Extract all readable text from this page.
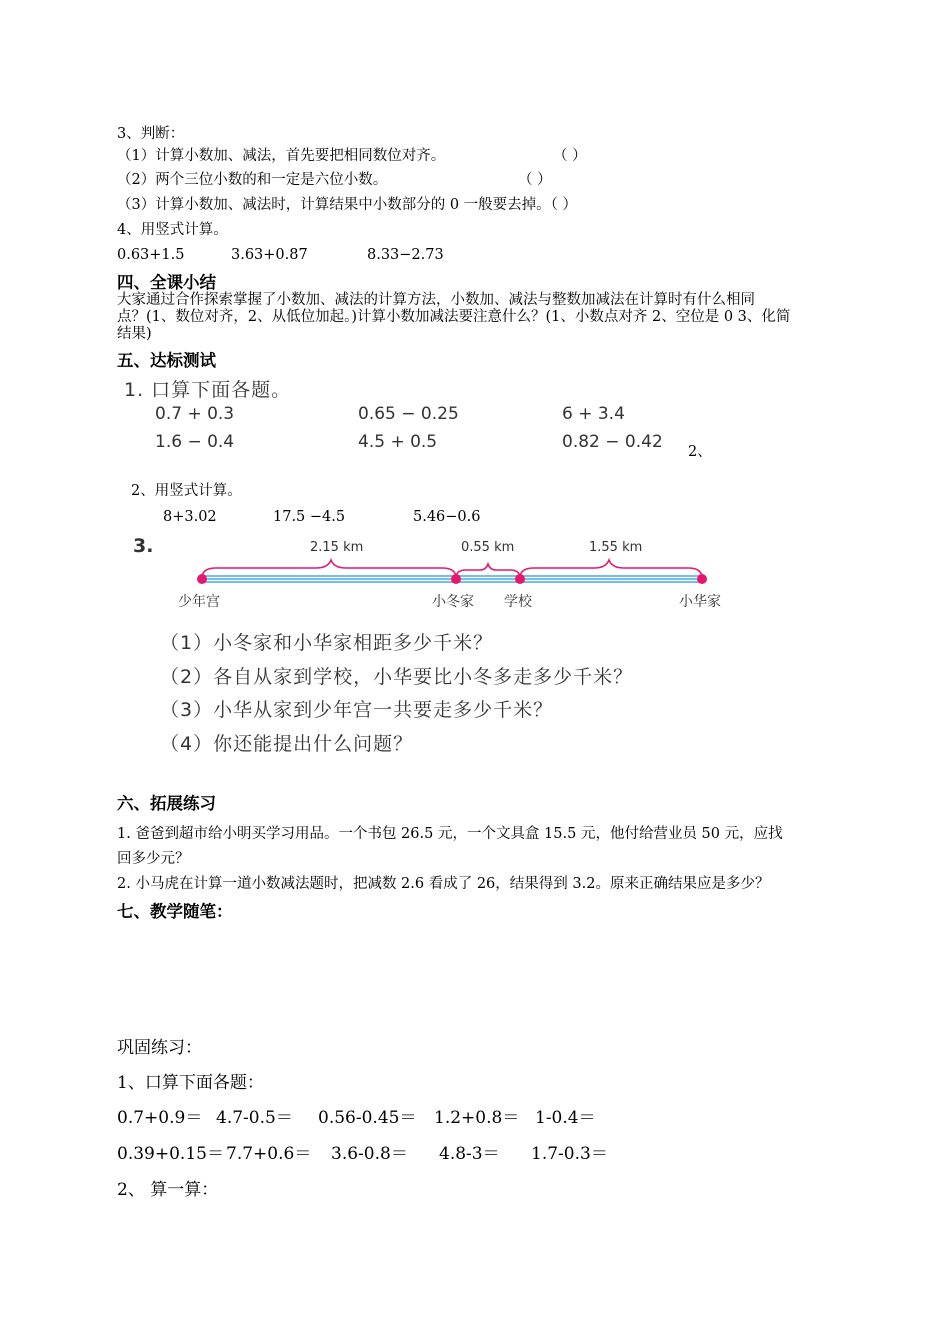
3、判断：
（1）计算小数加、减法，首先要把相同数位对齐。	（ ）
（2）两个三位小数的和一定是六位小数。	（ ）
（3）计算小数加、减法时，计算结果中小数部分的 0 一般要去掉。（ ）
4、用竖式计算。
0.63+1.5	3.63+0.87	8.33−2.73
四、全课小结
大家通过合作探索掌握了小数加、减法的计算方法，小数加、减法与整数加减法在计算时有什么相同
点？(1、数位对齐，2、从低位加起。)计算小数加减法要注意什么？(1、小数点对齐 2、空位是 0 3、化简
结果)
五、达标测试
1. 口算下面各题。
0.7 + 0.3	0.65 − 0.25	6 + 3.4
1.6 − 0.4	4.5 + 0.5	0.82 − 0.42 2、
2、用竖式计算。
8+3.02	17.5 −4.5	5.46−0.6
3.	2.15 km	0.55 km	1.55 km
少年宫	小冬家 学校	小华家
（1）小冬家和小华家相距多少千米？
（2）各自从家到学校，小华要比小冬多走多少千米？
（3）小华从家到少年宫一共要走多少千米？
（4）你还能提出什么问题？
六、拓展练习
1. 爸爸到超市给小明买学习用品。一个书包 26.5 元，一个文具盒 15.5 元，他付给营业员 50 元，应找
回多少元？
2. 小马虎在计算一道小数减法题时，把减数 2.6 看成了 26，结果得到 3.2。原来正确结果应是多少？
七、教学随笔：
巩固练习：
1、口算下面各题：
0.7+0.9＝ 4.7-0.5＝ 0.56-0.45＝ 1.2+0.8＝ 1-0.4＝
0.39+0.15＝ 7.7+0.6＝ 3.6-0.8＝ 4.8-3＝ 1.7-0.3＝
2、 算一算：
